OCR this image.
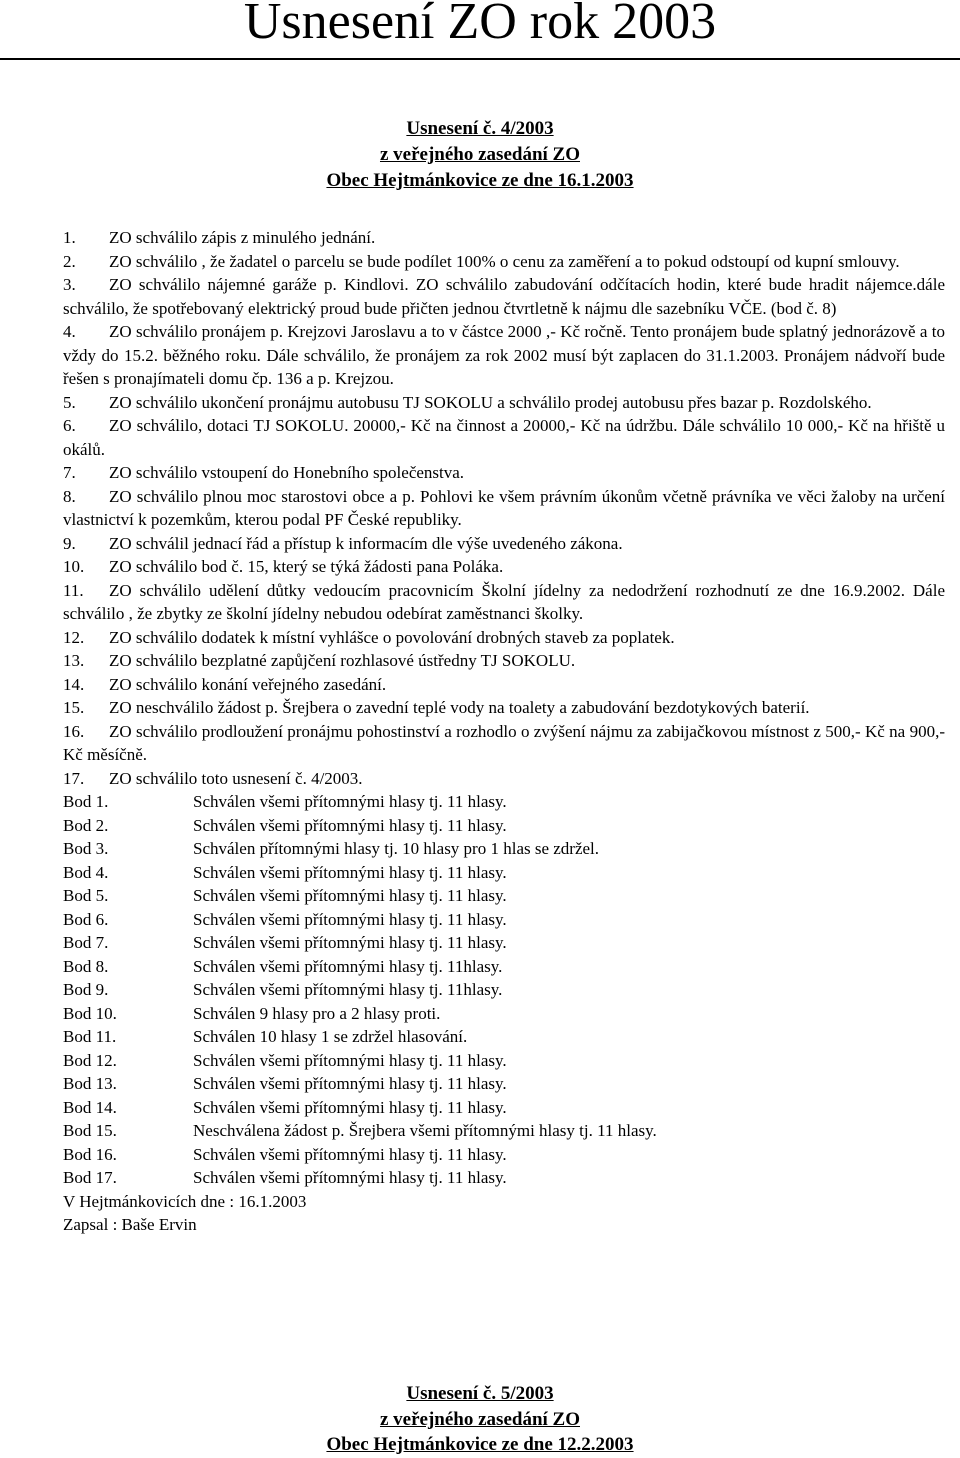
Usnesení ZO rok 2003
Usnesení č. 4/2003
z veřejného zasedání ZO
Obec Hejtmánkovice ze dne 16.1.2003

1. ZO schválilo zápis z minulého jednání.

2. ZO schválilo , že žadatel o parcelu se bude podílet 100% o cenu za zaměření a to pokud odstoupí od kupní smlouvy.

3. ZO schválilo nájemné garáže p. Kindlovi. ZO schválilo zabudování odčítacích hodin, které bude hradit nájemce.dále schválilo, že spotřebovaný elektrický proud bude přičten jednou čtvrtletně k nájmu dle sazebníku VČE. (bod č. 8)

4. ZO schválilo pronájem p. Krejzovi Jaroslavu a to v částce 2000 ,- Kč ročně. Tento pronájem bude splatný jednorázově a to vždy do 15.2. běžného roku. Dále schválilo, že pronájem za rok 2002 musí být zaplacen do 31.1.2003. Pronájem nádvoří bude řešen s pronajímateli domu čp. 136 a p. Krejzou.

5. ZO schválilo ukončení pronájmu autobusu TJ SOKOLU a schválilo prodej autobusu přes bazar p. Rozdolského.

6. ZO schválilo, dotaci TJ SOKOLU. 20000,- Kč na činnost a 20000,- Kč na údržbu. Dále schválilo 10 000,- Kč na hřiště u okálů.

7. ZO schválilo vstoupení do Honebního společenstva.

8. ZO schválilo plnou moc starostovi obce a p. Pohlovi ke všem právním úkonům včetně právníka ve věci žaloby na určení vlastnictví k pozemkům, kterou podal PF České republiky.

9. ZO schválil jednací řád a přístup k informacím dle výše uvedeného zákona.

10. ZO schválilo bod č. 15, který se týká žádosti pana Poláka.

11. ZO schválilo udělení důtky vedoucím pracovnicím Školní jídelny za nedodržení rozhodnutí ze dne 16.9.2002. Dále schválilo , že zbytky ze školní jídelny nebudou odebírat zaměstnanci školky.

12. ZO schválilo dodatek k místní vyhlášce o povolování drobných staveb za poplatek.

13. ZO schválilo bezplatné zapůjčení rozhlasové ústředny TJ SOKOLU.

14. ZO schválilo konání veřejného zasedání.

15. ZO neschválilo žádost p. Šrejbera o zavední teplé vody na toalety a zabudování bezdotykových baterií.

16. ZO schválilo prodloužení pronájmu pohostinství a rozhodlo o zvýšení nájmu za zabijačkovou místnost z 500,- Kč na 900,- Kč měsíčně.

17. ZO schválilo toto usnesení č. 4/2003.

Bod 1.	Schválen všemi přítomnými hlasy tj. 11 hlasy.
Bod 2.	Schválen všemi přítomnými hlasy tj. 11 hlasy.
Bod 3.	Schválen přítomnými hlasy tj. 10 hlasy pro 1 hlas se zdržel.
Bod 4.	Schválen všemi přítomnými hlasy tj. 11 hlasy.
Bod 5.	Schválen všemi přítomnými hlasy tj. 11 hlasy.
Bod 6.	Schválen všemi přítomnými hlasy tj. 11 hlasy.
Bod 7.	Schválen všemi přítomnými hlasy tj. 11 hlasy.
Bod 8.	Schválen všemi přítomnými hlasy tj. 11hlasy.
Bod 9.	Schválen všemi přítomnými hlasy tj. 11hlasy.
Bod 10.	Schválen 9 hlasy pro a 2 hlasy proti.
Bod 11.	Schválen 10 hlasy 1 se zdržel hlasování.
Bod 12.	Schválen všemi přítomnými hlasy tj. 11 hlasy.
Bod 13.	Schválen všemi přítomnými hlasy tj. 11 hlasy.
Bod 14.	Schválen všemi přítomnými hlasy tj. 11 hlasy.
Bod 15.	Neschválena žádost p. Šrejbera všemi přítomnými hlasy tj. 11 hlasy.
Bod 16.	Schválen všemi přítomnými hlasy tj. 11 hlasy.
Bod 17.	Schválen všemi přítomnými hlasy tj. 11 hlasy.

V Hejtmánkovicích dne : 16.1.2003

Zapsal : Baše Ervin

Usnesení č. 5/2003
z veřejného zasedání ZO
Obec Hejtmánkovice ze dne 12.2.2003
